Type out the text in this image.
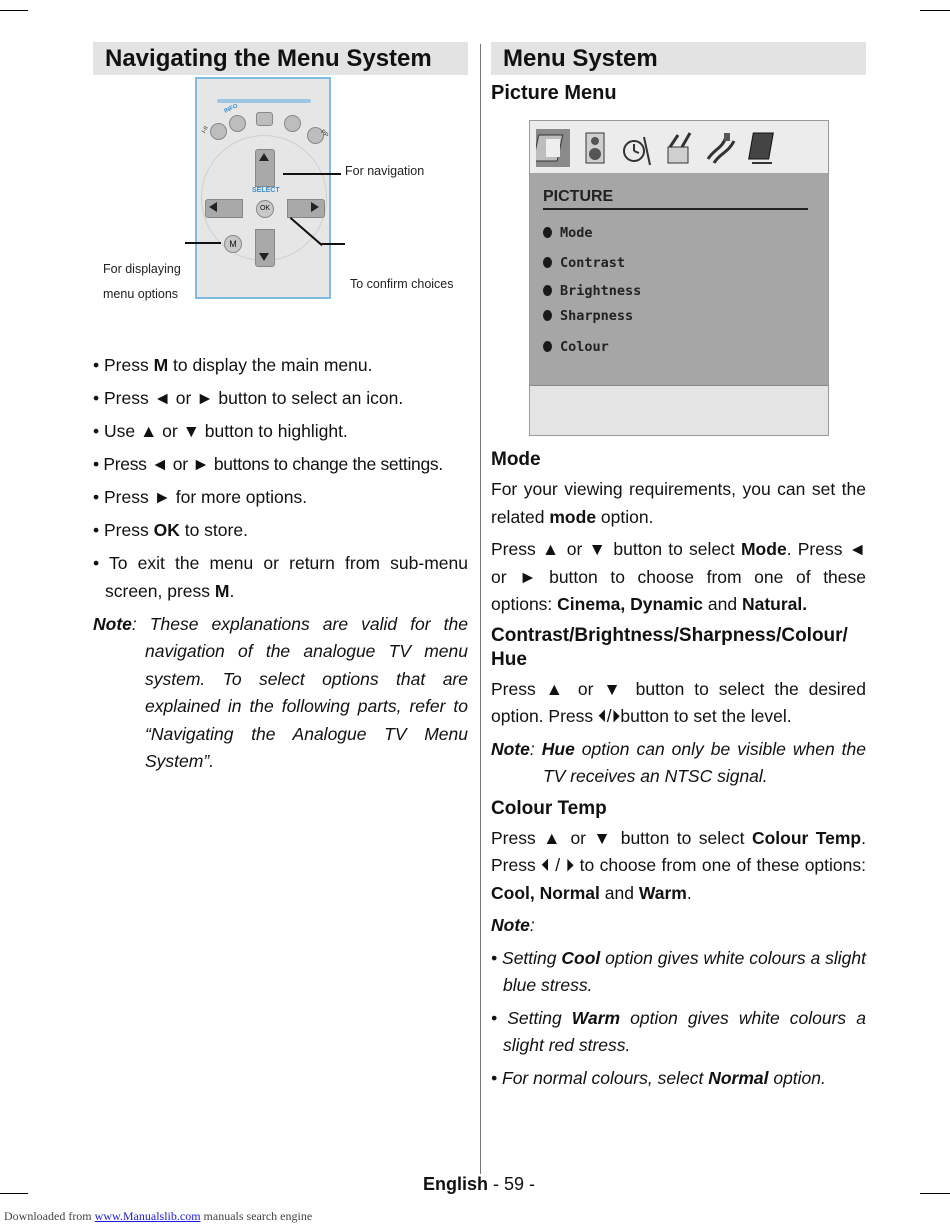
Navigating the Menu System
INFO
I-II	PP
SELECT
OK
M
For navigation
To confirm choices
For displaying
menu options

• Press M to display the main menu.

• Press ◄ or ► button to select an icon.

• Use ▲ or ▼ button to highlight.

• Press ◄ or ► buttons to change the settings.

• Press ► for more options.

• Press OK to store.

• To exit the menu or return from sub-menu screen, press M.

Note: These explanations are valid for the navigation of the analogue TV menu system. To select options that are explained in the following parts, refer to “Navigating the Analogue TV Menu System”.

Menu System
Picture Menu
PICTURE
Mode
Contrast
Brightness
Sharpness
Colour
Mode

For your viewing requirements, you can set the related mode option.

Press ▲ or ▼ button to select Mode. Press ◄ or ► button to choose from one of these options: Cinema, Dynamic and Natural.

Contrast/Brightness/Sharpness/Colour/ Hue

Press ▲ or ▼ button to select the desired option. Press ⏴/⏵button to set the level.

Note: Hue option can only be visible when the TV receives an NTSC signal.

Colour Temp

Press ▲ or ▼ button to select Colour Temp. Press ⏴ / ⏵ to choose from one of these options: Cool, Normal and Warm.

Note:

• Setting Cool option gives white colours a slight blue stress.

• Setting Warm option gives white colours a slight red stress.

• For normal colours, select Normal option.

English - 59 -
Downloaded from www.Manualslib.com manuals search engine
